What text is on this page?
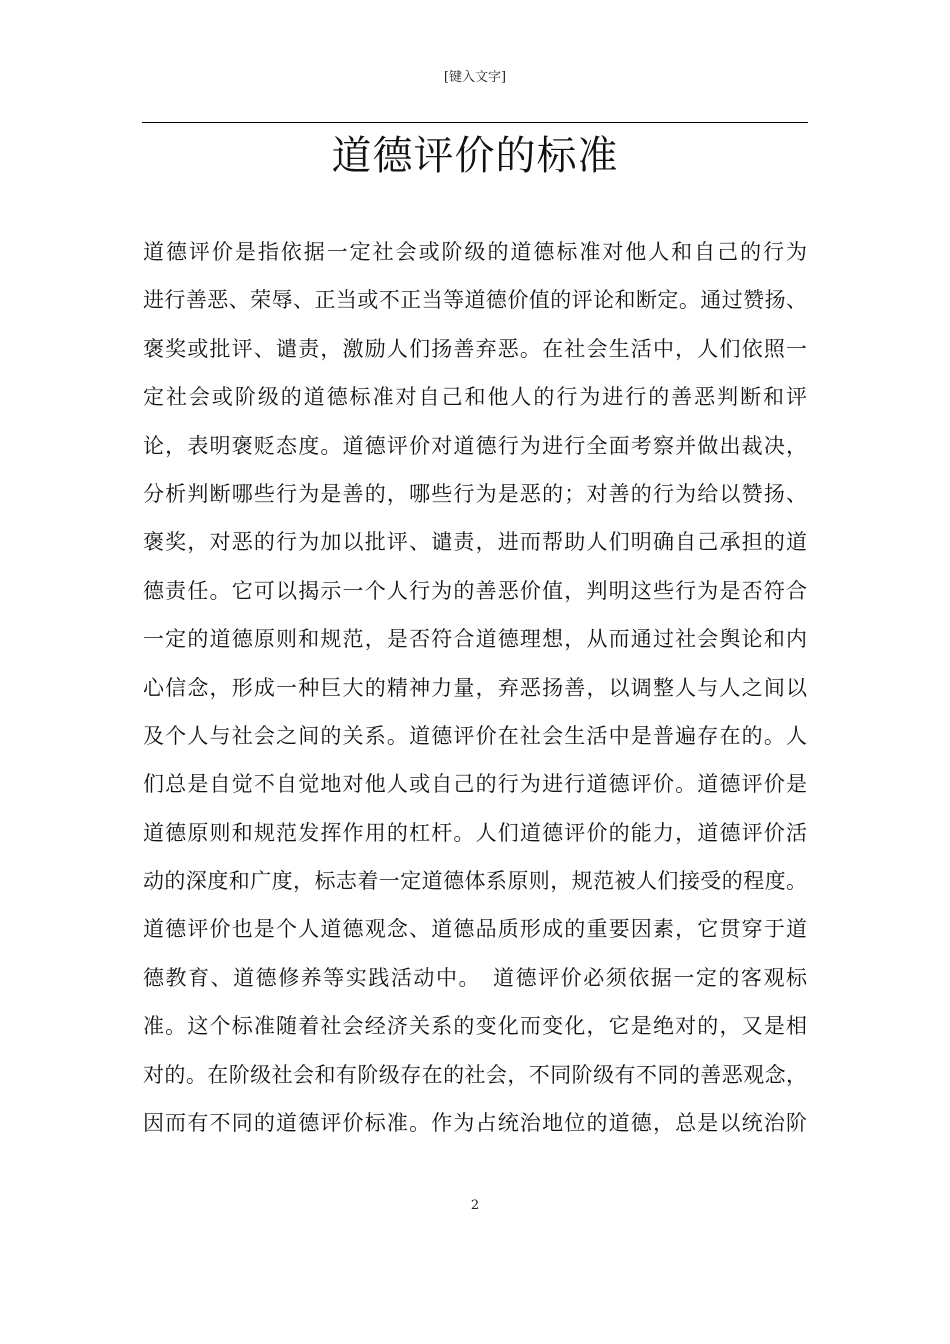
[键入文字]
道德评价的标准
道德评价是指依据一定社会或阶级的道德标准对他人和自己的行为
进行善恶、荣辱、正当或不正当等道德价值的评论和断定。通过赞扬、
褒奖或批评、谴责，激励人们扬善弃恶。在社会生活中，人们依照一
定社会或阶级的道德标准对自己和他人的行为进行的善恶判断和评
论，表明褒贬态度。道德评价对道德行为进行全面考察并做出裁决，
分析判断哪些行为是善的，哪些行为是恶的；对善的行为给以赞扬、
褒奖，对恶的行为加以批评、谴责，进而帮助人们明确自己承担的道
德责任。它可以揭示一个人行为的善恶价值，判明这些行为是否符合
一定的道德原则和规范，是否符合道德理想，从而通过社会舆论和内
心信念，形成一种巨大的精神力量，弃恶扬善，以调整人与人之间以
及个人与社会之间的关系。道德评价在社会生活中是普遍存在的。人
们总是自觉不自觉地对他人或自己的行为进行道德评价。道德评价是
道德原则和规范发挥作用的杠杆。人们道德评价的能力，道德评价活
动的深度和广度，标志着一定道德体系原则，规范被人们接受的程度。
道德评价也是个人道德观念、道德品质形成的重要因素，它贯穿于道
德教育、道德修养等实践活动中。　道德评价必须依据一定的客观标
准。这个标准随着社会经济关系的变化而变化，它是绝对的，又是相
对的。在阶级社会和有阶级存在的社会，不同阶级有不同的善恶观念，
因而有不同的道德评价标准。作为占统治地位的道德，总是以统治阶
2
